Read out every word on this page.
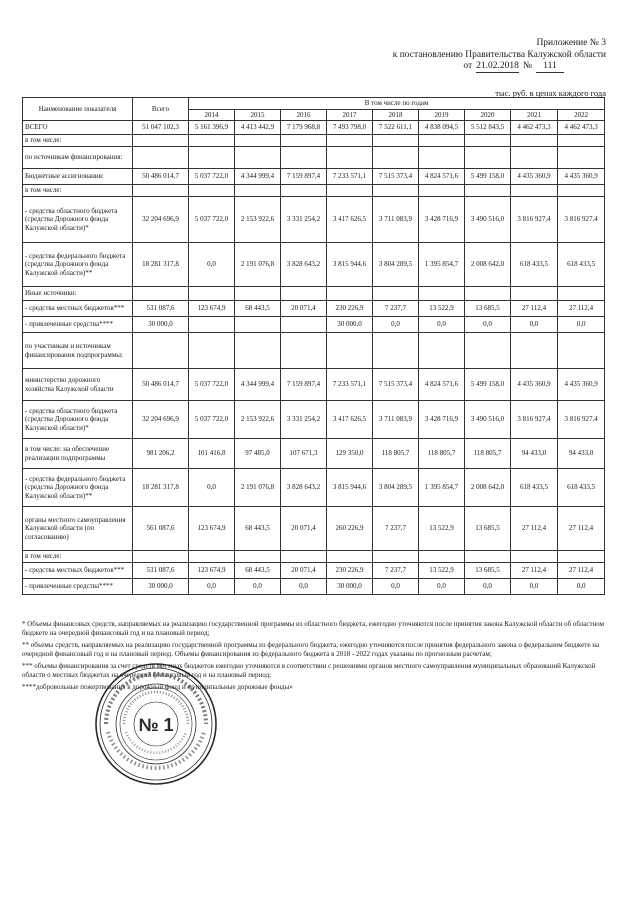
Приложение № 3
к постановлению Правительства Калужской области
от 21.02.2018 № 111
тыс. руб. в ценах каждого года
Наименование показателя	Всего	В том числе по годам								
		2014	2015	2016	2017	2018	2019	2020	2021	2022
ВСЕГО	51 047 102,3	5 161 396,9	4 413 442,9	7 179 968,8	7 493 798,0	7 522 611,1	4 838 094,5	5 512 843,5	4 462 473,3	4 462 473,3
в том числе:										
по источникам финансирования:										
Бюджетные ассигнования:	50 486 014,7	5 037 722,0	4 344 999,4	7 159 897,4	7 233 571,1	7 515 373,4	4 824 571,6	5 499 158,0	4 435 360,9	4 435 360,9
в том числе:										
- средства областного бюджета (средства Дорожного фонда Калужской области)*	32 204 696,9	5 037 722,0	2 153 922,6	3 331 254,2	3 417 626,5	3 711 083,9	3 428 716,9	3 490 516,0	3 816 927,4	3 816 927,4
- средства федерального бюджета (средства Дорожного фонда Калужской области)**	18 281 317,8	0,0	2 191 076,8	3 828 643,2	3 815 944,6	3 804 289,5	1 395 854,7	2 008 642,0	618 433,5	618 433,5
Иные источники:										
- средства местных бюджетов***	531 087,6	123 674,9	68 443,5	20 071,4	230 226,9	7 237,7	13 522,9	13 685,5	27 112,4	27 112,4
- привлеченные средства****	30 000,0				30 000,0	0,0	0,0	0,0	0,0	0,0
по участникам и источникам финансирования подпрограммы:										
министерство дорожного хозяйства Калужской области	50 486 014,7	5 037 722,0	4 344 999,4	7 159 897,4	7 233 571,1	7 515 373,4	4 824 571,6	5 499 158,0	4 435 360,9	4 435 360,9
- средства областного бюджета (средства Дорожного фонда Калужской области)*	32 204 696,9	5 037 722,0	2 153 922,6	3 331 254,2	3 417 626,5	3 711 083,9	3 428 716,9	3 490 516,0	3 816 927,4	3 816 927,4
в том числе: на обеспечение реализации подпрограммы	981 206,2	101 416,8	97 485,0	107 671,3	129 350,0	118 805,7	118 805,7	118 805,7	94 433,0	94 433,0
- средства федерального бюджета (средства Дорожного фонда Калужской области)**	18 281 317,8	0,0	2 191 076,8	3 828 643,2	3 815 944,6	3 804 289,5	1 395 854,7	2 008 642,0	618 433,5	618 433,5
органы местного самоуправления Калужской области (по согласованию)	561 087,6	123 674,9	68 443,5	20 071,4	260 226,9	7 237,7	13 522,9	13 685,5	27 112,4	27 112,4
в том числе:										
- средства местных бюджетов***	531 087,6	123 674,9	68 443,5	20 071,4	230 226,9	7 237,7	13 522,9	13 685,5	27 112,4	27 112,4
- привлеченные средства****	30 000,0	0,0	0,0	0,0	30 000,0	0,0	0,0	0,0	0,0	0,0

* Объемы финансовых средств, направляемых на реализацию государственной программы из областного бюджета, ежегодно уточняются после принятия закона Калужской области об областном бюджете на очередной финансовый год и на плановый период;

** объемы средств, направляемых на реализацию государственной программы из федерального бюджета, ежегодно уточняются после принятия федерального закона о федеральном бюджете на очередной финансовый год и на плановый период. Объемы финансирования из федерального бюджета в 2018 - 2022 годах указаны по прогнозным расчетам;

*** объемы финансирования за счет средств местных бюджетов ежегодно уточняются в соответствии с решениями органов местного самоуправления муниципальных образований Калужской области о местных бюджетах на очередной финансовый год и на плановый период;

****добровольные пожертвования в дорожный фонд и муниципальные дорожные фонды»

№ 1
